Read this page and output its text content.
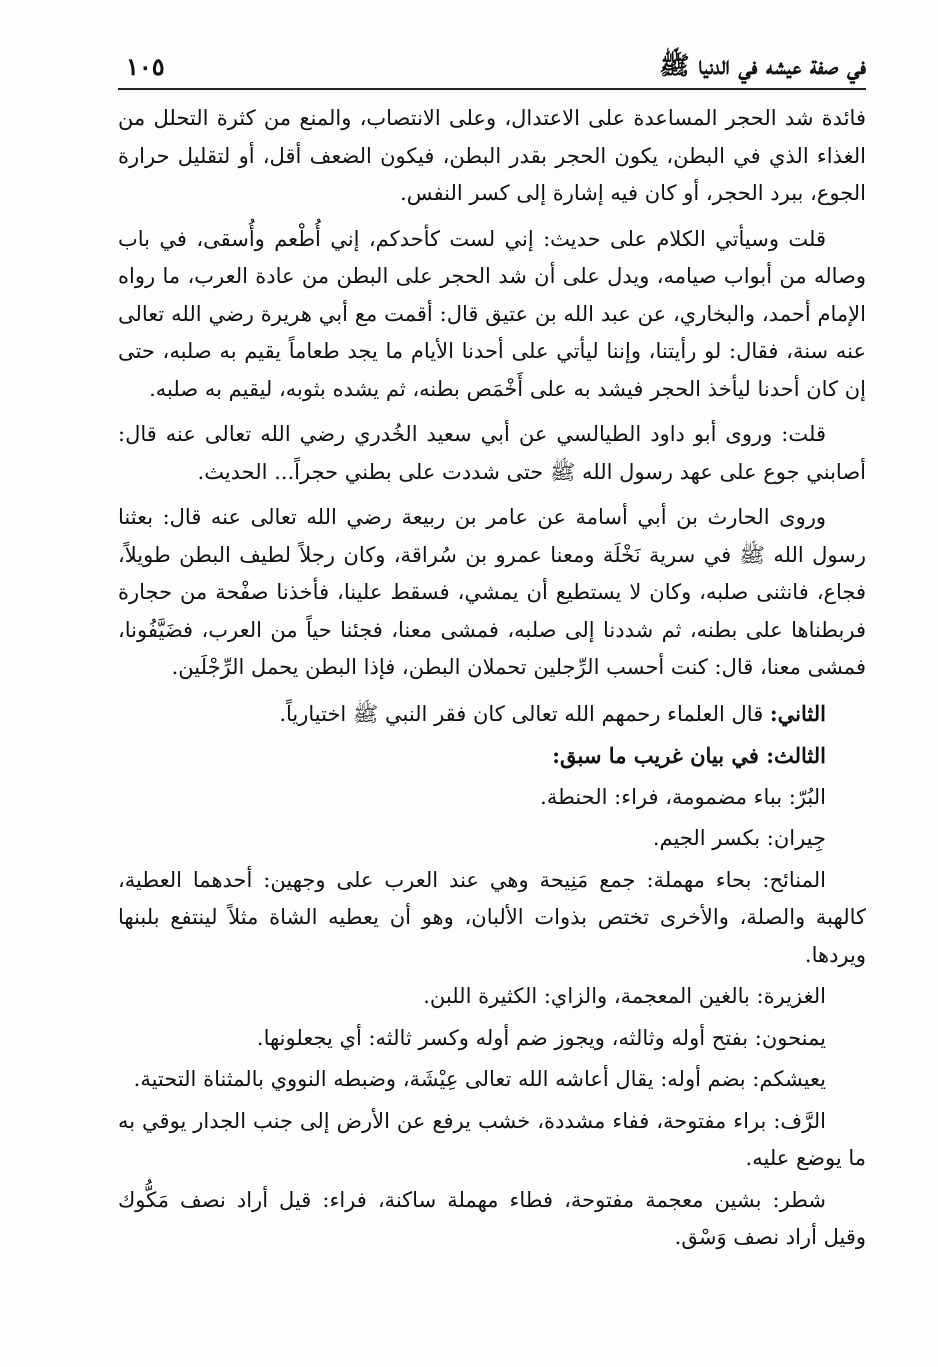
في صفة عيشه في الدنيا ﷺ
١٠٥

فائدة شد الحجر المساعدة على الاعتدال، وعلى الانتصاب، والمنع من كثرة التحلل من الغذاء الذي في البطن، يكون الحجر بقدر البطن، فيكون الضعف أقل، أو لتقليل حرارة الجوع، ببرد الحجر، أو كان فيه إشارة إلى كسر النفس.

قلت وسيأتي الكلام على حديث: إني لست كأحدكم، إني أُطْعم وأُسقى، في باب وصاله من أبواب صيامه، ويدل على أن شد الحجر على البطن من عادة العرب، ما رواه الإمام أحمد، والبخاري، عن عبد الله بن عتيق قال: أقمت مع أبي هريرة رضي الله تعالى عنه سنة، فقال: لو رأيتنا، وإننا ليأتي على أحدنا الأيام ما يجد طعاماً يقيم به صلبه، حتى إن كان أحدنا ليأخذ الحجر فيشد به على أَخْمَص بطنه، ثم يشده بثوبه، ليقيم به صلبه.

قلت: وروى أبو داود الطيالسي عن أبي سعيد الخُدري رضي الله تعالى عنه قال: أصابني جوع على عهد رسول الله ﷺ حتى شددت على بطني حجراً... الحديث.

وروى الحارث بن أبي أسامة عن عامر بن ربيعة رضي الله تعالى عنه قال: بعثنا رسول الله ﷺ في سرية نَخْلَة ومعنا عمرو بن سُراقة، وكان رجلاً لطيف البطن طويلاً، فجاع، فانثنى صلبه، وكان لا يستطيع أن يمشي، فسقط علينا، فأخذنا صفْحة من حجارة فربطناها على بطنه، ثم شددنا إلى صلبه، فمشى معنا، فجئنا حياً من العرب، فضَيَّفُونا، فمشى معنا، قال: كنت أحسب الرِّجلين تحملان البطن، فإذا البطن يحمل الرِّجْلَين.

الثاني: قال العلماء رحمهم الله تعالى كان فقر النبي ﷺ اختيارياً.

الثالث: في بيان غريب ما سبق:

البُرّ: بباء مضمومة، فراء: الحنطة.

جِيران: بكسر الجيم.

المنائح: بحاء مهملة: جمع مَنِيحة وهي عند العرب على وجهين: أحدهما العطية، كالهبة والصلة، والأخرى تختص بذوات الألبان، وهو أن يعطيه الشاة مثلاً لينتفع بلبنها ويردها.

الغزيرة: بالغين المعجمة، والزاي: الكثيرة اللبن.

يمنحون: بفتح أوله وثالثه، ويجوز ضم أوله وكسر ثالثه: أي يجعلونها.

يعيشكم: بضم أوله: يقال أعاشه الله تعالى عِيْشَة، وضبطه النووي بالمثناة التحتية.

الرَّف: براء مفتوحة، ففاء مشددة، خشب يرفع عن الأرض إلى جنب الجدار يوقي به ما يوضع عليه.

شطر: بشين معجمة مفتوحة، فطاء مهملة ساكنة، فراء: قيل أراد نصف مَكُّوك وقيل أراد نصف وَسْق.
